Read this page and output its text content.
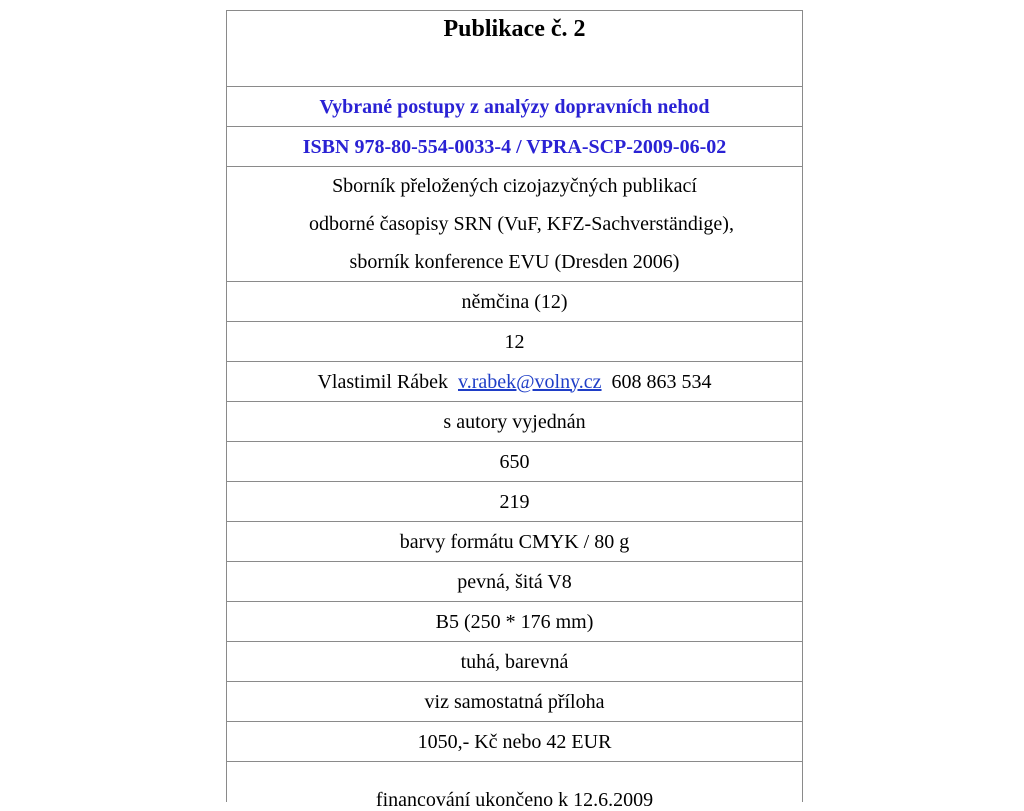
Publikace č. 2
Vybrané postupy z analýzy dopravních nehod
ISBN 978-80-554-0033-4 / VPRA-SCP-2009-06-02
Sborník přeložených cizojazyčných publikací
odborné časopisy SRN (VuF, KFZ-Sachverständige),
sborník konference EVU (Dresden 2006)
němčina (12)
12
Vlastimil Rábek v.rabek@volny.cz 608 863 534
s autory vyjednán
650
219
barvy formátu CMYK / 80 g
pevná, šitá V8
B5 (250 * 176 mm)
tuhá, barevná
viz samostatná příloha
1050,- Kč nebo 42 EUR
financování ukončeno k 12.6.2009
